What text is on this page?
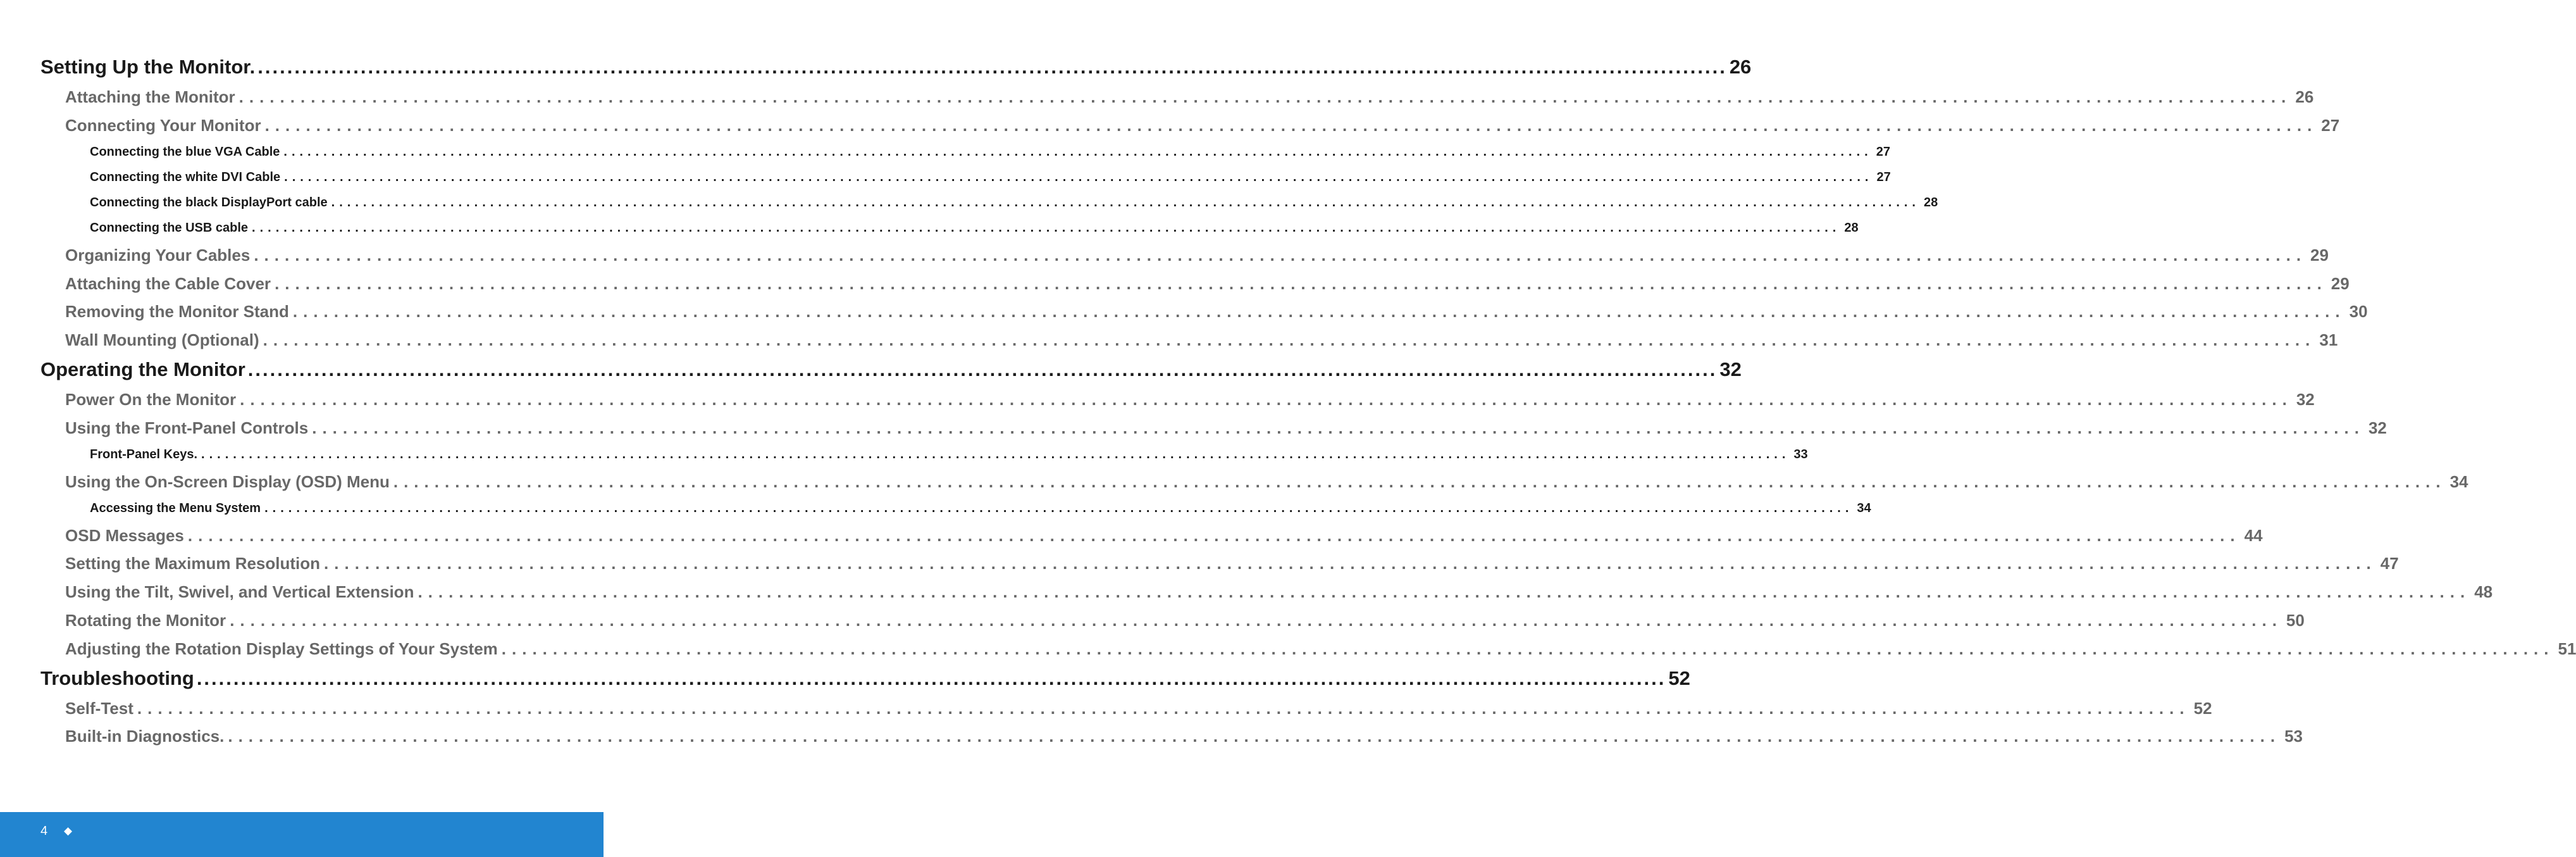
Setting Up the Monitor. ........................................................................................................................................................................................................ 26
Attaching the Monitor ........................................................................................................................................................................................................ 26
Connecting Your Monitor ........................................................................................................................................................................................................ 27
Connecting the blue VGA Cable ........................................................................................................................................................................................................ 27
Connecting the white DVI Cable ........................................................................................................................................................................................................ 27
Connecting the black DisplayPort cable ........................................................................................................................................................................................................ 28
Connecting the USB cable ........................................................................................................................................................................................................ 28
Organizing Your Cables ........................................................................................................................................................................................................ 29
Attaching the Cable Cover ........................................................................................................................................................................................................ 29
Removing the Monitor Stand ........................................................................................................................................................................................................ 30
Wall Mounting (Optional) ........................................................................................................................................................................................................ 31
Operating the Monitor ........................................................................................................................................................................................................ 32
Power On the Monitor ........................................................................................................................................................................................................ 32
Using the Front-Panel Controls ........................................................................................................................................................................................................ 32
Front-Panel Keys. ........................................................................................................................................................................................................ 33
Using the On-Screen Display (OSD) Menu ........................................................................................................................................................................................................ 34
Accessing the Menu System ........................................................................................................................................................................................................ 34
OSD Messages ........................................................................................................................................................................................................ 44
Setting the Maximum Resolution ........................................................................................................................................................................................................ 47
Using the Tilt, Swivel, and Vertical Extension ........................................................................................................................................................................................................ 48
Rotating the Monitor ........................................................................................................................................................................................................ 50
Adjusting the Rotation Display Settings of Your System ........................................................................................................................................................................................................ 51
Troubleshooting ........................................................................................................................................................................................................ 52
Self-Test ........................................................................................................................................................................................................ 52
Built-in Diagnostics. ........................................................................................................................................................................................................ 53
4 ◆
